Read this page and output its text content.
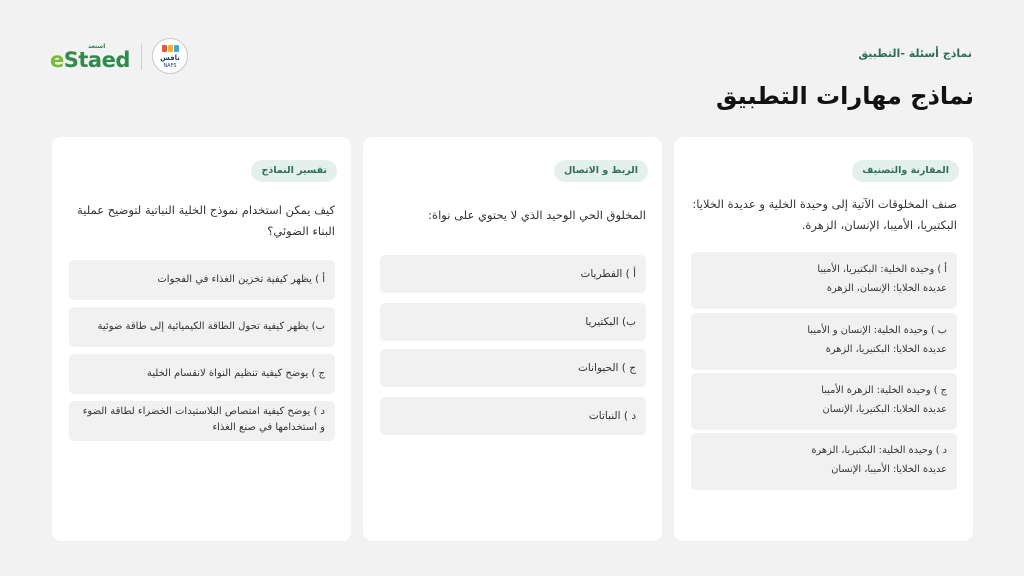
استعد
eStaed	نافس
NAFS
نماذج أسئلة -التطبيق
نماذج مهارات التطبيق
المقارنة والتصنيف
صنف المخلوقات الآتية إلى وحيدة الخلية و عديدة الخلايا: البكتيريا، الأميبا، الإنسان، الزهرة.
أ ) وحيدة الخلية: البكتيريا، الأميبا
عديدة الخلايا: الإنسان، الزهرة
ب ) وحيدة الخلية: الإنسان و الأميبا
عديدة الخلايا: البكتيريا، الزهرة
ج ) وحيدة الخلية: الزهرة الأميبا
عديدة الخلايا: البكتيريا، الإنسان
د ) وحيدة الخلية: البكتيريا، الزهرة
عديدة الخلايا: الأميبا، الإنسان
الربط و الاتصال
المخلوق الحي الوحيد الذي لا يحتوي على نواة:
أ ) الفطريات
ب) البكتيريا
ج ) الحيوانات
د ) النباتات
تفسير النماذج
كيف يمكن استخدام نموذج الخلية النباتية لتوضيح عملية البناء الضوئي؟
أ ) يظهر كيفية تخزين الغذاء في الفجوات
ب) يظهر كيفية تحول الطاقة الكيميائية إلى طاقة ضوئية
ج ) يوضح كيفية تنظيم النواة لانقسام الخلية
د ) يوضح كيفية امتصاص البلاستيدات الخضراء لطاقة الضوء و استخدامها في صنع الغذاء
